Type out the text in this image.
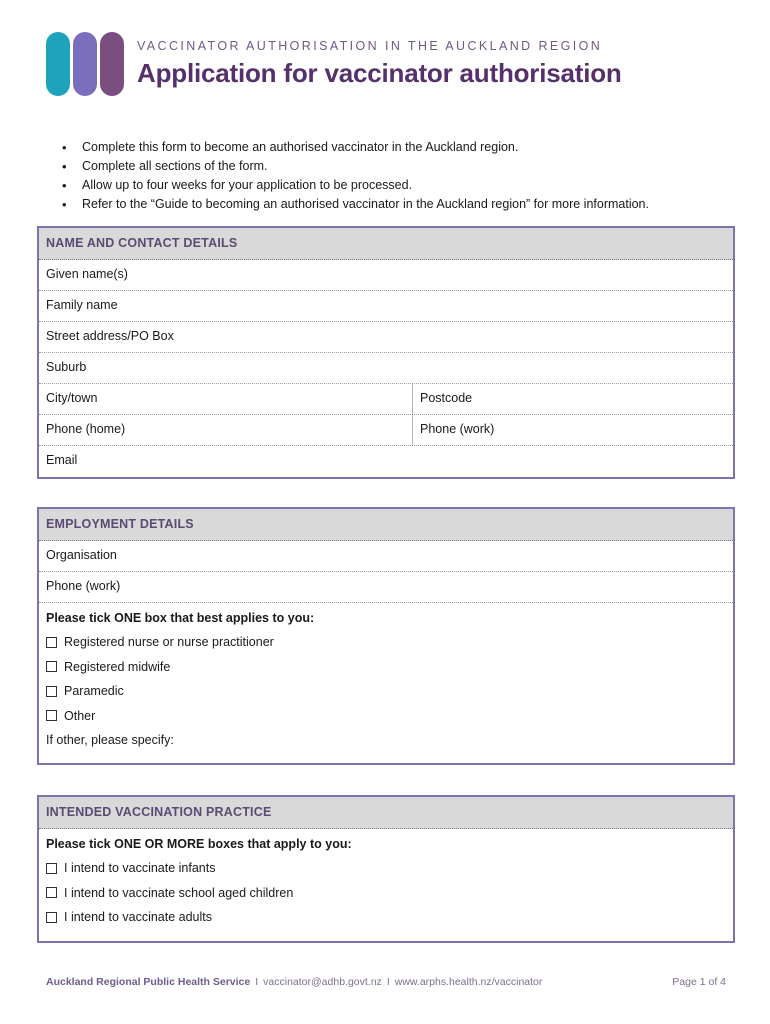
VACCINATOR AUTHORISATION IN THE AUCKLAND REGION
Application for vaccinator authorisation
• Complete this form to become an authorised vaccinator in the Auckland region.
• Complete all sections of the form.
• Allow up to four weeks for your application to be processed.
• Refer to the “Guide to becoming an authorised vaccinator in the Auckland region” for more information.
NAME AND CONTACT DETAILS
Given name(s)
Family name
Street address/PO Box
Suburb
City/town	Postcode
Phone (home)	Phone (work)
Email
EMPLOYMENT DETAILS
Organisation
Phone (work)
Please tick ONE box that best applies to you:
Registered nurse or nurse practitioner
Registered midwife
Paramedic
Other
If other, please specify:
INTENDED VACCINATION PRACTICE
Please tick ONE OR MORE boxes that apply to you:
I intend to vaccinate infants
I intend to vaccinate school aged children
I intend to vaccinate adults
Auckland Regional Public Health Service I vaccinator@adhb.govt.nz I www.arphs.health.nz/vaccinator	Page 1 of 4
